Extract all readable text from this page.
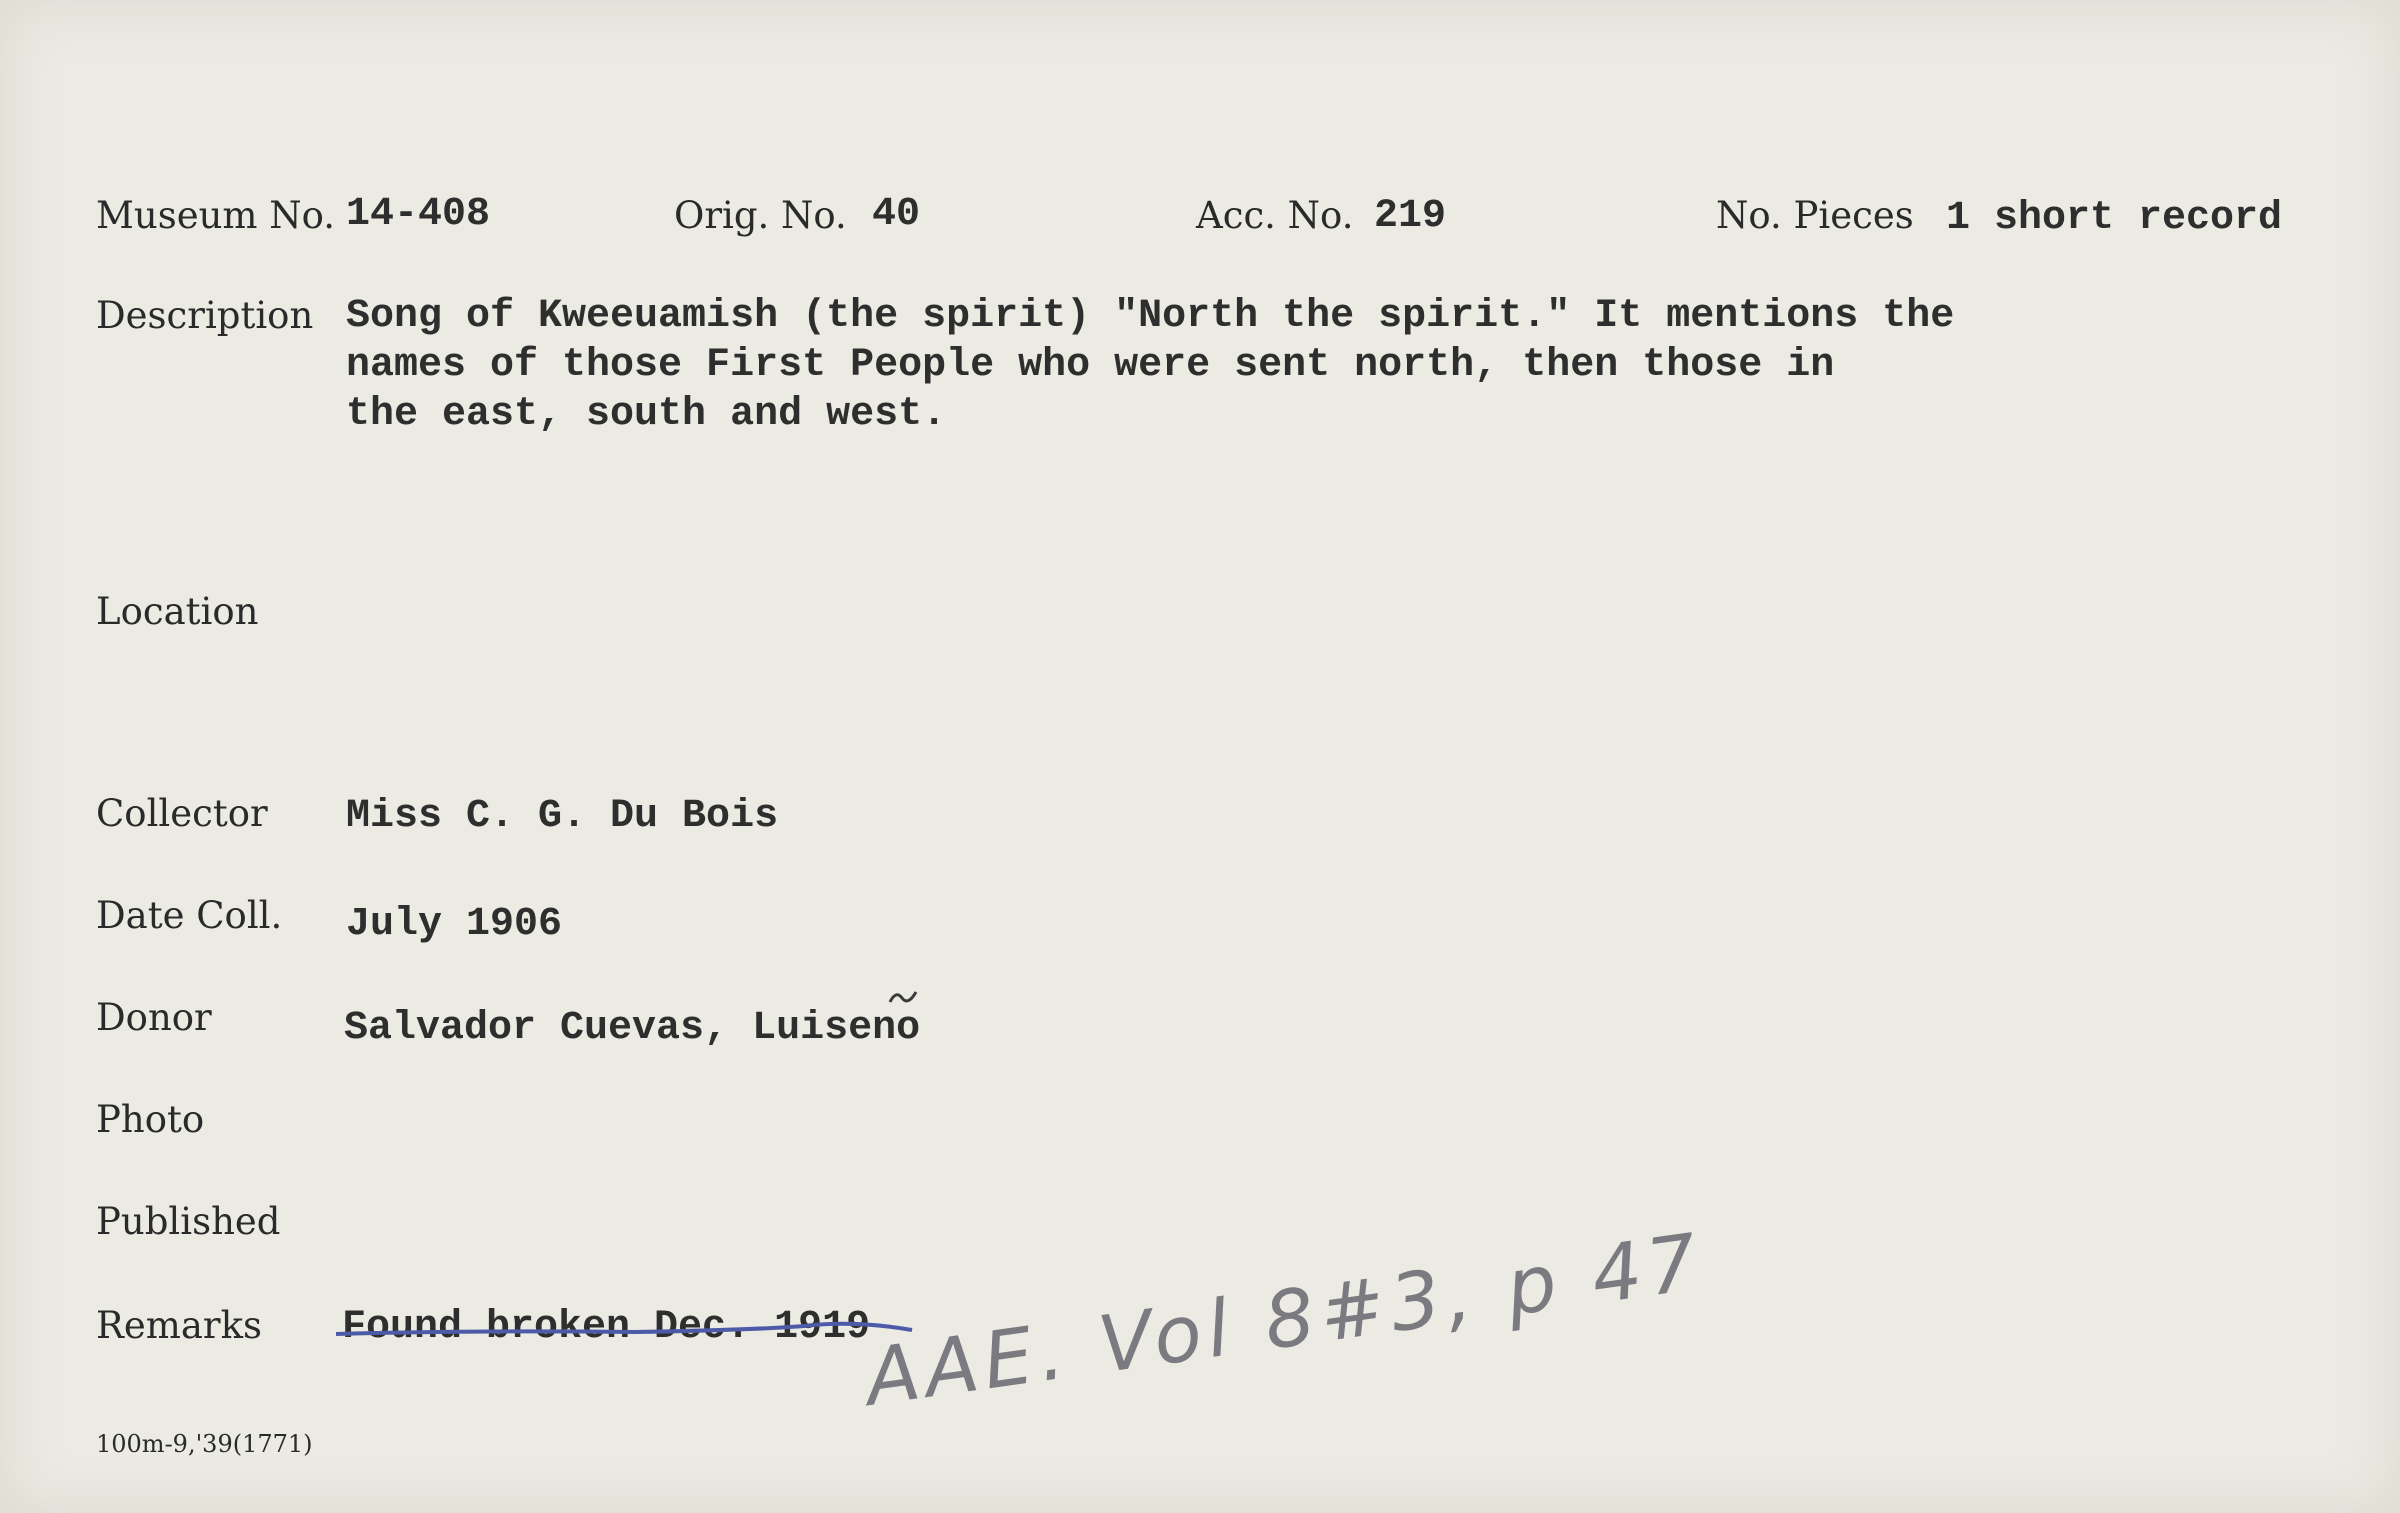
Museum No. 14-408	Orig. No. 40	Acc. No. 219	No. Pieces 1 short record
Description Song of Kweeuamish (the spirit) "North the spirit." It mentions the
names of those First People who were sent north, then those in
the east, south and west.
Location
Collector Miss C. G. Du Bois
Date Coll. July 1906
Donor	Salvador Cuevas, Luiseno
Photo
Published
Remarks Found broken Dec. 1919
AAE. Vol 8#3, p 47
100m-9,'39(1771)
